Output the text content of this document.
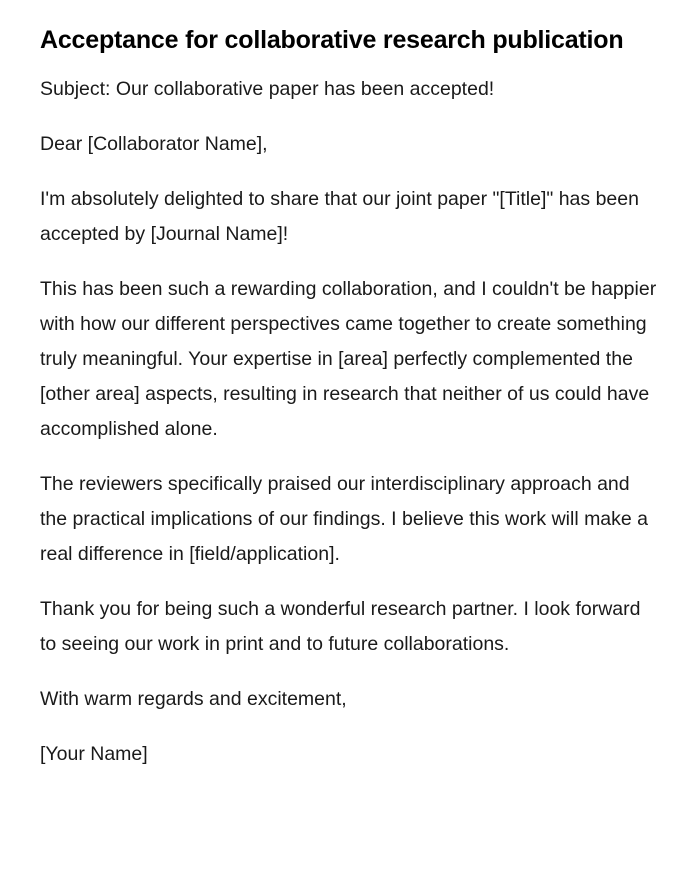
Acceptance for collaborative research publication

Subject: Our collaborative paper has been accepted!

Dear [Collaborator Name],

I'm absolutely delighted to share that our joint paper "[Title]" has been accepted by [Journal Name]!

This has been such a rewarding collaboration, and I couldn't be happier with how our different perspectives came together to create something truly meaningful. Your expertise in [area] perfectly complemented the [other area] aspects, resulting in research that neither of us could have accomplished alone.

The reviewers specifically praised our interdisciplinary approach and the practical implications of our findings. I believe this work will make a real difference in [field/application].

Thank you for being such a wonderful research partner. I look forward to seeing our work in print and to future collaborations.

With warm regards and excitement,

[Your Name]
